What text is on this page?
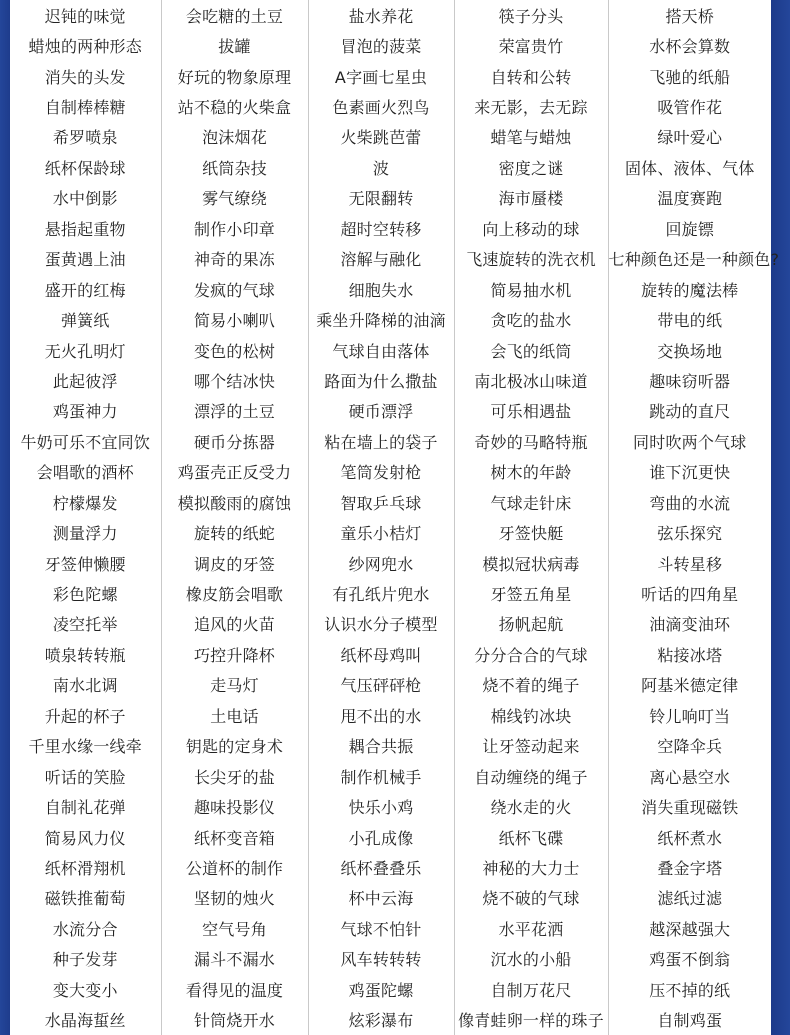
迟钝的味觉	会吃糖的土豆	盐水养花	筷子分头	搭天桥
蜡烛的两种形态	拔罐	冒泡的菠菜	荣富贵竹	水杯会算数
消失的头发	好玩的物象原理	A字画七星虫	自转和公转	飞驰的纸船
自制棒棒糖	站不稳的火柴盒	色素画火烈鸟	来无影，去无踪	吸管作花
希罗喷泉	泡沫烟花	火柴跳芭蕾	蜡笔与蜡烛	绿叶爱心
纸杯保龄球	纸筒杂技	波	密度之谜	固体、液体、气体
水中倒影	雾气缭绕	无限翻转	海市蜃楼	温度赛跑
悬指起重物	制作小印章	超时空转移	向上移动的球	回旋镖
蛋黄遇上油	神奇的果冻	溶解与融化	飞速旋转的洗衣机	七种颜色还是一种颜色?
盛开的红梅	发疯的气球	细胞失水	简易抽水机	旋转的魔法棒
弹簧纸	简易小喇叭	乘坐升降梯的油滴	贪吃的盐水	带电的纸
无火孔明灯	变色的松树	气球自由落体	会飞的纸筒	交换场地
此起彼浮	哪个结冰快	路面为什么撒盐	南北极冰山味道	趣味窃听器
鸡蛋神力	漂浮的土豆	硬币漂浮	可乐相遇盐	跳动的直尺
牛奶可乐不宜同饮	硬币分拣器	粘在墙上的袋子	奇妙的马略特瓶	同时吹两个气球
会唱歌的酒杯	鸡蛋壳正反受力	笔筒发射枪	树木的年龄	谁下沉更快
柠檬爆发	模拟酸雨的腐蚀	智取乒乓球	气球走针床	弯曲的水流
测量浮力	旋转的纸蛇	童乐小桔灯	牙签快艇	弦乐探究
牙签伸懒腰	调皮的牙签	纱网兜水	模拟冠状病毒	斗转星移
彩色陀螺	橡皮筋会唱歌	有孔纸片兜水	牙签五角星	听话的四角星
凌空托举	追风的火苗	认识水分子模型	扬帆起航	油滴变油环
喷泉转转瓶	巧控升降杯	纸杯母鸡叫	分分合合的气球	粘接冰塔
南水北调	走马灯	气压砰砰枪	烧不着的绳子	阿基米德定律
升起的杯子	土电话	甩不出的水	棉线钓冰块	铃儿响叮当
千里水缘一线牵	钥匙的定身术	耦合共振	让牙签动起来	空降伞兵
听话的笑脸	长尖牙的盐	制作机械手	自动缠绕的绳子	离心悬空水
自制礼花弹	趣味投影仪	快乐小鸡	绕水走的火	消失重现磁铁
简易风力仪	纸杯变音箱	小孔成像	纸杯飞碟	纸杯煮水
纸杯滑翔机	公道杯的制作	纸杯叠叠乐	神秘的大力士	叠金字塔
磁铁推葡萄	坚韧的烛火	杯中云海	烧不破的气球	滤纸过滤
水流分合	空气号角	气球不怕针	水平花洒	越深越强大
种子发芽	漏斗不漏水	风车转转转	沉水的小船	鸡蛋不倒翁
变大变小	看得见的温度	鸡蛋陀螺	自制万花尺	压不掉的纸
水晶海蜇丝	针筒烧开水	炫彩瀑布	像青蛙卵一样的珠子	自制鸡蛋
